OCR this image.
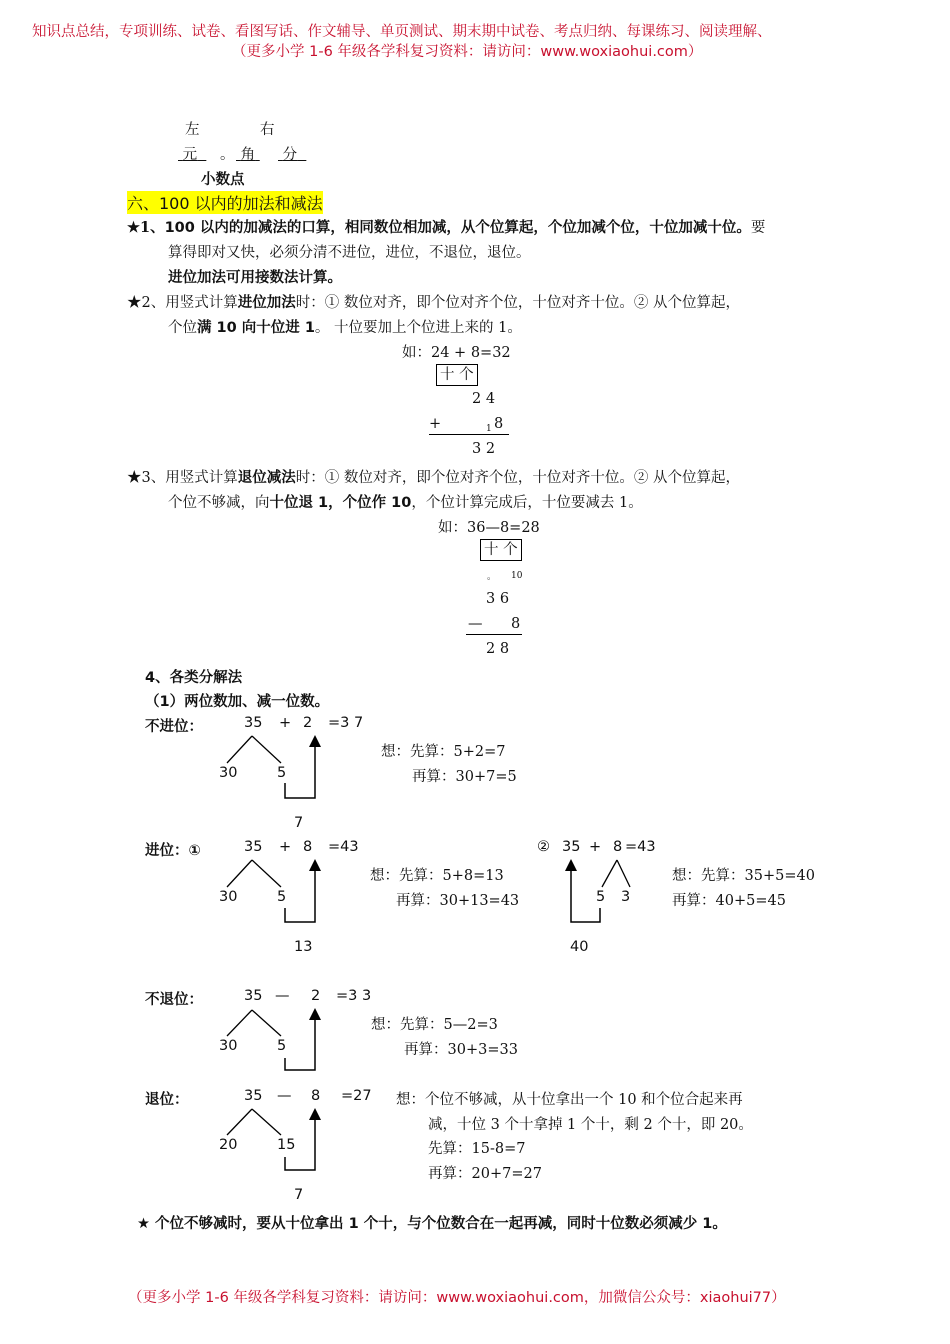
知识点总结，专项训练、试卷、看图写话、作文辅导、单页测试、期末期中试卷、考点归纳、每课练习、阅读理解、
（更多小学 1-6 年级各学科复习资料：请访问：www.woxiaohui.com）
左	右
元	。 角	分
小数点
六、100 以内的加法和减法
★1、100 以内的加减法的口算，相同数位相加减，从个位算起，个位加减个位，十位加减十位。要
算得即对又快，必须分清不进位，进位，不退位，退位。
进位加法可用接数法计算。
★2、用竖式计算进位加法时：① 数位对齐，即个位对齐个位，十位对齐十位。② 从个位算起，
个位满 10 向十位进 1。 十位要加上个位进上来的 1。
如：24 + 8=32
十 个
2 4
+	1 8
3 2
★3、用竖式计算退位减法时：① 数位对齐，即个位对齐个位，十位对齐十位。② 从个位算起，
个位不够减，向十位退 1，个位作 10，个位计算完成后，十位要减去 1。
如：36—8=28
十 个
。 10
3 6
— 8
2 8
4、各类分解法
（1）两位数加、减一位数。
不进位：	35 + 2 =3 7
30	5
7
想：先算：5+2=7
再算：30+7=5
进位：①	35 + 8 =43
30	5
13
想：先算：5+8=13
再算：30+13=43
② 35 + 8 =43
5 3
40
想：先算：35+5=40
再算：40+5=45
不退位：	35 — 2 =3 3
30	5
想：先算：5—2=3
再算：30+3=33
退位：	35 — 8 =27
20	15
7
想：个位不够减，从十位拿出一个 10 和个位合起来再
减，十位 3 个十拿掉 1 个十，剩 2 个十，即 20。
先算：15-8=7
再算：20+7=27
★ 个位不够减时，要从十位拿出 1 个十，与个位数合在一起再减，同时十位数必须减少 1。
（更多小学 1-6 年级各学科复习资料：请访问：www.woxiaohui.com，加微信公众号：xiaohui77）
